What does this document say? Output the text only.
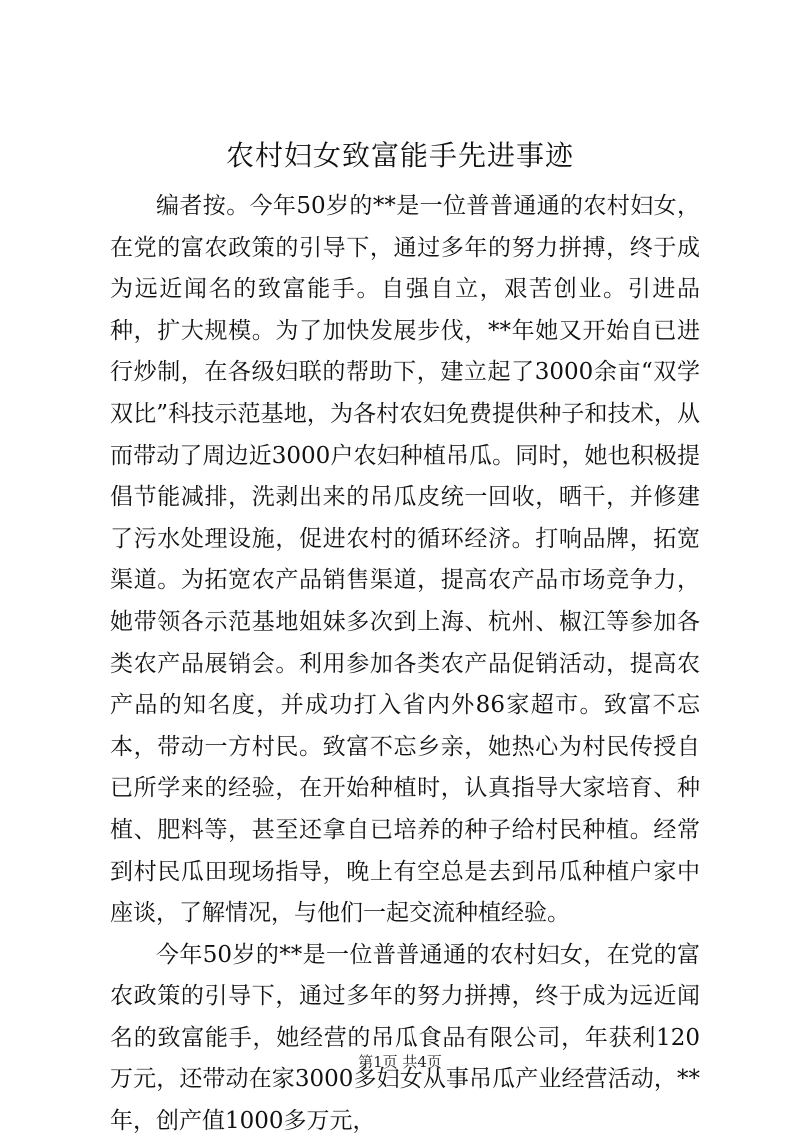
农村妇女致富能手先进事迹

编者按。今年50岁的**是一位普普通通的农村妇女，在党的富农政策的引导下，通过多年的努力拼搏，终于成为远近闻名的致富能手。自强自立，艰苦创业。引进品种，扩大规模。为了加快发展步伐，**年她又开始自已进行炒制，在各级妇联的帮助下，建立起了3000余亩“双学双比”科技示范基地，为各村农妇免费提供种子和技术，从而带动了周边近3000户农妇种植吊瓜。同时，她也积极提倡节能减排，洗剥出来的吊瓜皮统一回收，晒干，并修建了污水处理设施，促进农村的循环经济。打响品牌，拓宽渠道。为拓宽农产品销售渠道，提高农产品市场竞争力，她带领各示范基地姐妹多次到上海、杭州、椒江等参加各类农产品展销会。利用参加各类农产品促销活动，提高农产品的知名度，并成功打入省内外86家超市。致富不忘本，带动一方村民。致富不忘乡亲，她热心为村民传授自已所学来的经验，在开始种植时，认真指导大家培育、种植、肥料等，甚至还拿自已培养的种子给村民种植。经常到村民瓜田现场指导，晚上有空总是去到吊瓜种植户家中座谈，了解情况，与他们一起交流种植经验。

今年50岁的**是一位普普通通的农村妇女，在党的富农政策的引导下，通过多年的努力拼搏，终于成为远近闻名的致富能手，她经营的吊瓜食品有限公司，年获利120万元，还带动在家3000多妇女从事吊瓜产业经营活动，**年，创产值1000多万元，

第1页 共4页
